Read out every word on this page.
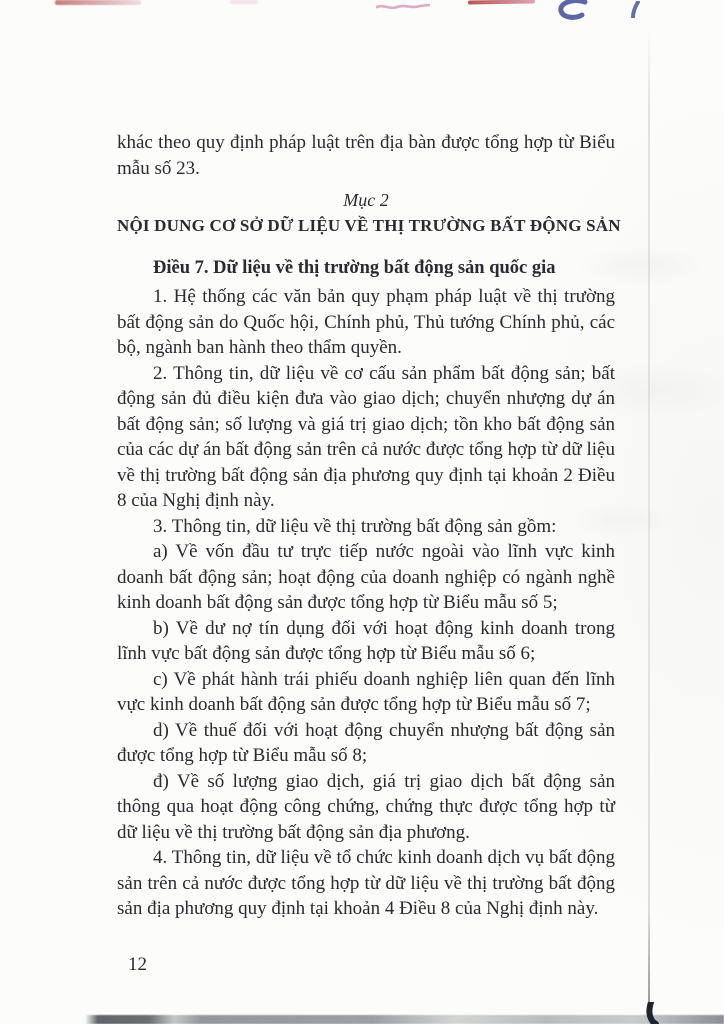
khác theo quy định pháp luật trên địa bàn được tổng hợp từ Biểu mẫu số 23.

Mục 2

NỘI DUNG CƠ SỞ DỮ LIỆU VỀ THỊ TRƯỜNG BẤT ĐỘNG SẢN

Điều 7. Dữ liệu về thị trường bất động sản quốc gia

1. Hệ thống các văn bản quy phạm pháp luật về thị trường bất động sản do Quốc hội, Chính phủ, Thủ tướng Chính phủ, các bộ, ngành ban hành theo thẩm quyền.

2. Thông tin, dữ liệu về cơ cấu sản phẩm bất động sản; bất động sản đủ điều kiện đưa vào giao dịch; chuyển nhượng dự án bất động sản; số lượng và giá trị giao dịch; tồn kho bất động sản của các dự án bất động sản trên cả nước được tổng hợp từ dữ liệu về thị trường bất động sản địa phương quy định tại khoản 2 Điều 8 của Nghị định này.

3. Thông tin, dữ liệu về thị trường bất động sản gồm:

a) Về vốn đầu tư trực tiếp nước ngoài vào lĩnh vực kinh doanh bất động sản; hoạt động của doanh nghiệp có ngành nghề kinh doanh bất động sản được tổng hợp từ Biểu mẫu số 5;

b) Về dư nợ tín dụng đối với hoạt động kinh doanh trong lĩnh vực bất động sản được tổng hợp từ Biểu mẫu số 6;

c) Về phát hành trái phiếu doanh nghiệp liên quan đến lĩnh vực kinh doanh bất động sản được tổng hợp từ Biểu mẫu số 7;

d) Về thuế đối với hoạt động chuyển nhượng bất động sản được tổng hợp từ Biểu mẫu số 8;

đ) Về số lượng giao dịch, giá trị giao dịch bất động sản thông qua hoạt động công chứng, chứng thực được tổng hợp từ dữ liệu về thị trường bất động sản địa phương.

4. Thông tin, dữ liệu về tổ chức kinh doanh dịch vụ bất động sản trên cả nước được tổng hợp từ dữ liệu về thị trường bất động sản địa phương quy định tại khoản 4 Điều 8 của Nghị định này.

12
